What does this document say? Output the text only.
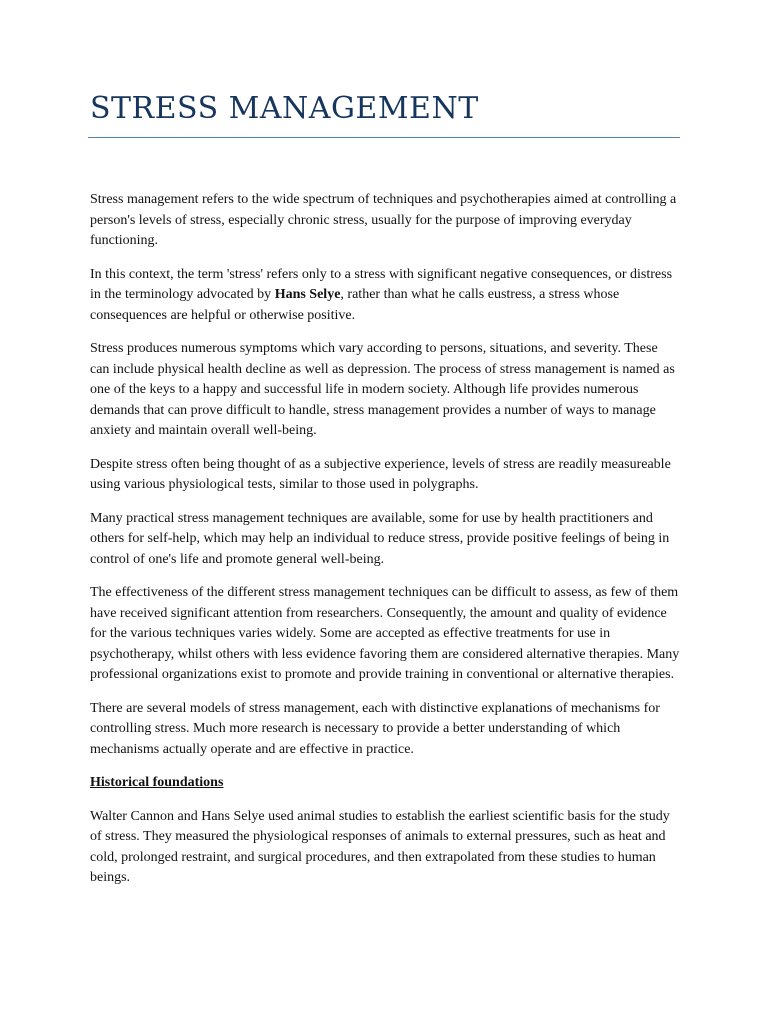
STRESS MANAGEMENT

Stress management refers to the wide spectrum of techniques and psychotherapies aimed at controlling a person's levels of stress, especially chronic stress, usually for the purpose of improving everyday functioning.

In this context, the term 'stress' refers only to a stress with significant negative consequences, or distress in the terminology advocated by Hans Selye, rather than what he calls eustress, a stress whose consequences are helpful or otherwise positive.

Stress produces numerous symptoms which vary according to persons, situations, and severity. These can include physical health decline as well as depression. The process of stress management is named as one of the keys to a happy and successful life in modern society. Although life provides numerous demands that can prove difficult to handle, stress management provides a number of ways to manage anxiety and maintain overall well-being.

Despite stress often being thought of as a subjective experience, levels of stress are readily measureable using various physiological tests, similar to those used in polygraphs.

Many practical stress management techniques are available, some for use by health practitioners and others for self-help, which may help an individual to reduce stress, provide positive feelings of being in control of one's life and promote general well-being.

The effectiveness of the different stress management techniques can be difficult to assess, as few of them have received significant attention from researchers. Consequently, the amount and quality of evidence for the various techniques varies widely. Some are accepted as effective treatments for use in psychotherapy, whilst others with less evidence favoring them are considered alternative therapies. Many professional organizations exist to promote and provide training in conventional or alternative therapies.

There are several models of stress management, each with distinctive explanations of mechanisms for controlling stress. Much more research is necessary to provide a better understanding of which mechanisms actually operate and are effective in practice.

Historical foundations

Walter Cannon and Hans Selye used animal studies to establish the earliest scientific basis for the study of stress. They measured the physiological responses of animals to external pressures, such as heat and cold, prolonged restraint, and surgical procedures, and then extrapolated from these studies to human beings.
